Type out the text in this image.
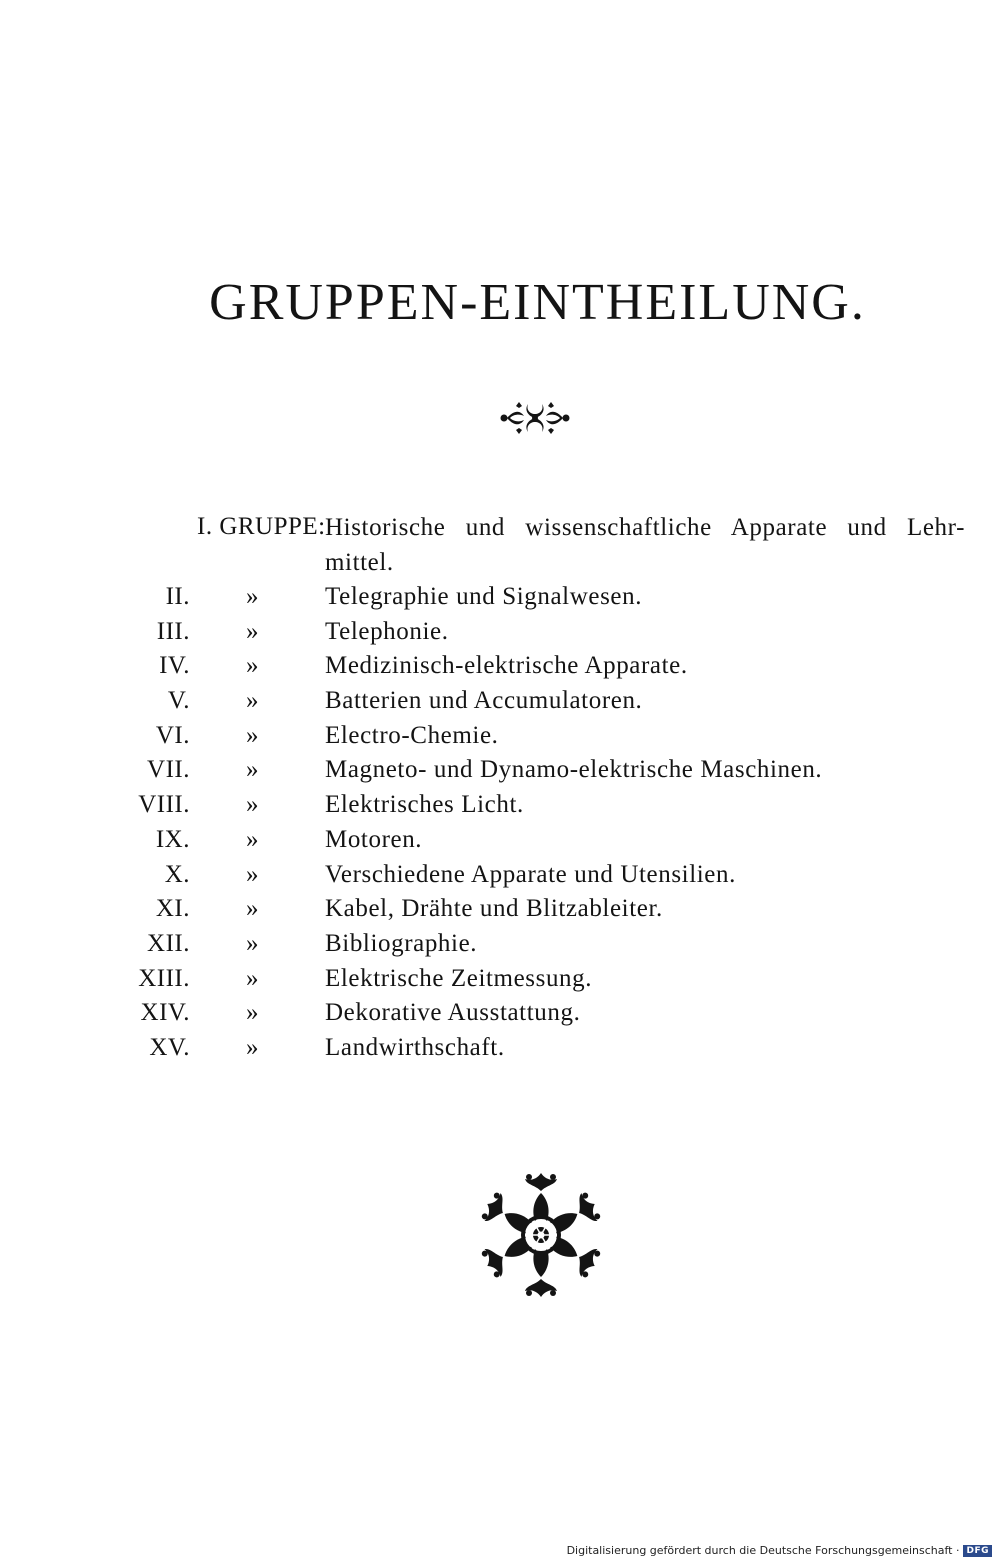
GRUPPEN-EINTHEILUNG.
I. GRUPPE: Historische und wissenschaftliche Apparate und Lehr-mittel.
II. »	Telegraphie und Signalwesen.
III. »	Telephonie.
IV. »	Medizinisch-elektrische Apparate.
V. »	Batterien und Accumulatoren.
VI. »	Electro-Chemie.
VII. »	Magneto- und Dynamo-elektrische Maschinen.
VIII. »	Elektrisches Licht.
IX. »	Motoren.
X. »	Verschiedene Apparate und Utensilien.
XI. »	Kabel, Drähte und Blitzableiter.
XII. »	Bibliographie.
XIII. »	Elektrische Zeitmessung.
XIV. »	Dekorative Ausstattung.
XV. »	Landwirthschaft.
Digitalisierung gefördert durch die Deutsche Forschungsgemeinschaft · DFG
